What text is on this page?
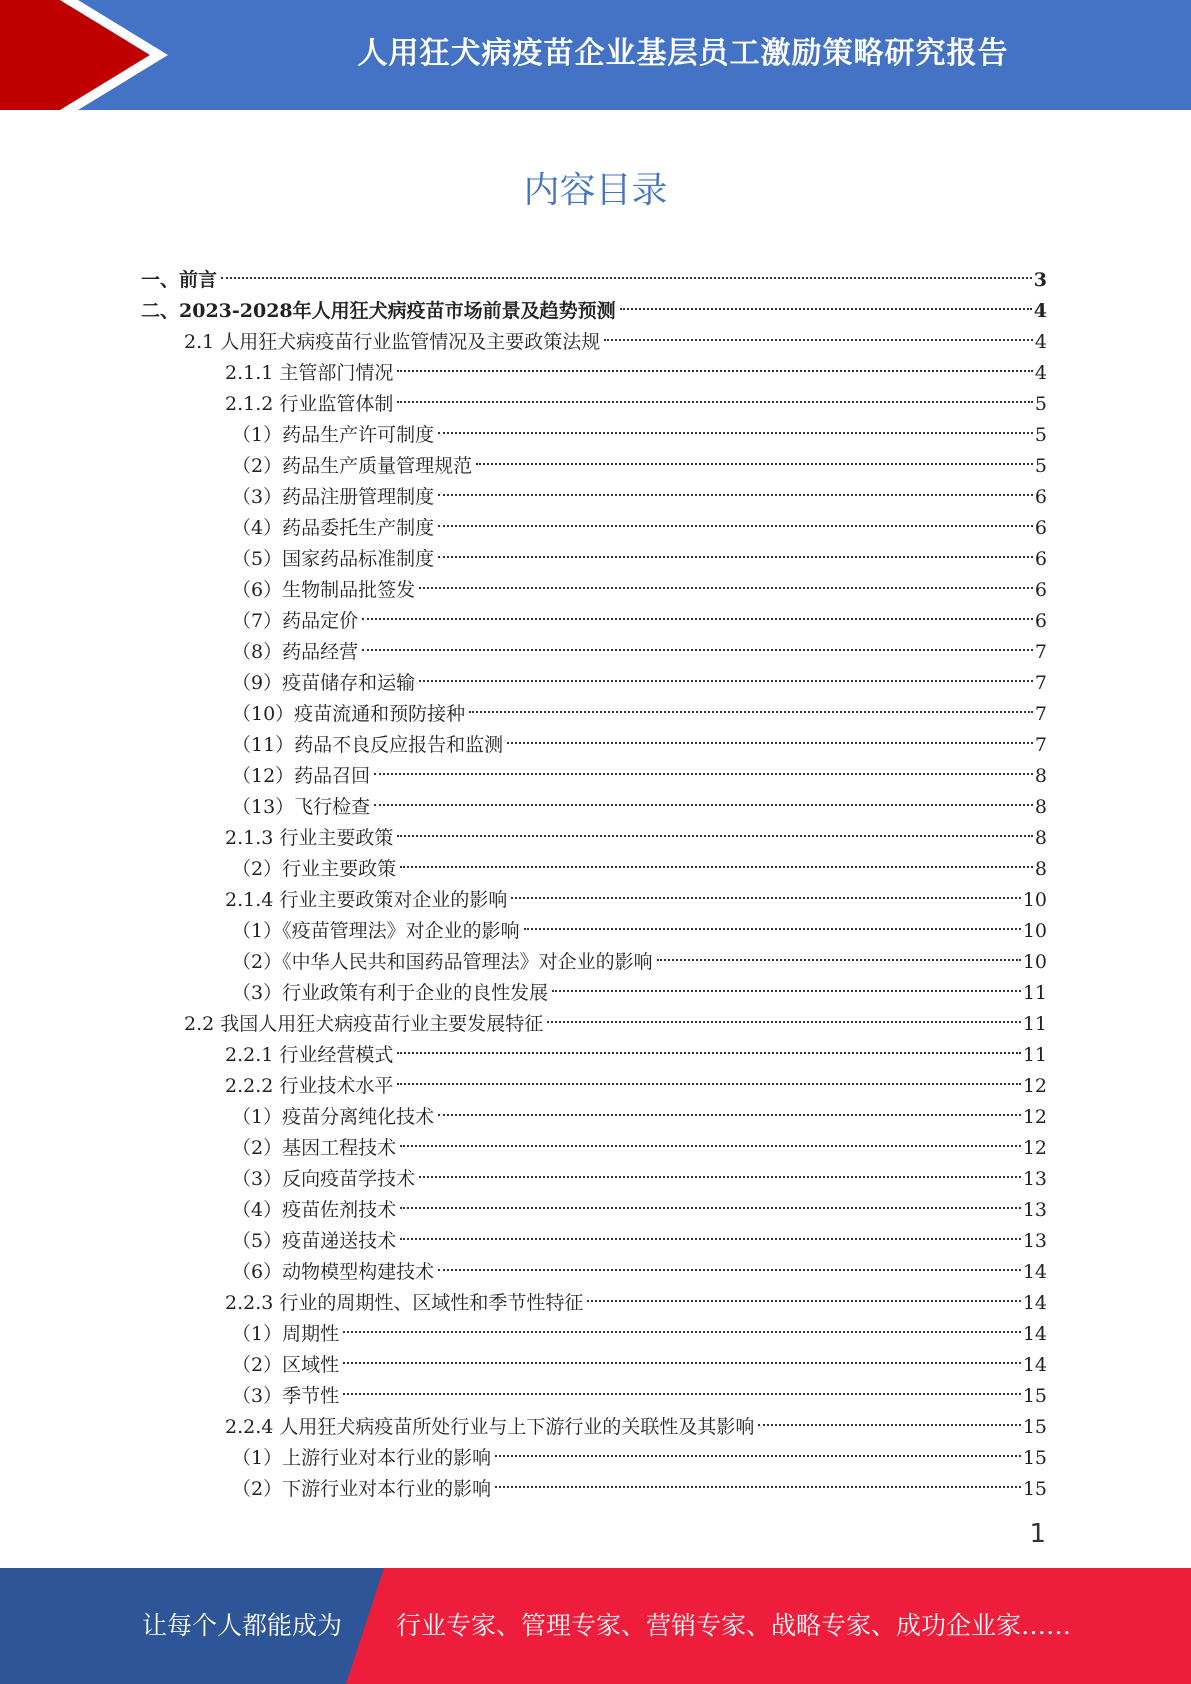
人用狂犬病疫苗企业基层员工激励策略研究报告
内容目录
一、前言	3
二、2023-2028年人用狂犬病疫苗市场前景及趋势预测	4
2.1 人用狂犬病疫苗行业监管情况及主要政策法规	4
2.1.1 主管部门情况	4
2.1.2 行业监管体制	5
（1）药品生产许可制度	5
（2）药品生产质量管理规范	5
（3）药品注册管理制度	6
（4）药品委托生产制度	6
（5）国家药品标准制度	6
（6）生物制品批签发	6
（7）药品定价	6
（8）药品经营	7
（9）疫苗储存和运输	7
（10）疫苗流通和预防接种	7
（11）药品不良反应报告和监测	7
（12）药品召回	8
（13）飞行检查	8
2.1.3 行业主要政策	8
（2）行业主要政策	8
2.1.4 行业主要政策对企业的影响	10
（1）《疫苗管理法》对企业的影响	10
（2）《中华人民共和国药品管理法》对企业的影响	10
（3）行业政策有利于企业的良性发展	11
2.2 我国人用狂犬病疫苗行业主要发展特征	11
2.2.1 行业经营模式	11
2.2.2 行业技术水平	12
（1）疫苗分离纯化技术	12
（2）基因工程技术	12
（3）反向疫苗学技术	13
（4）疫苗佐剂技术	13
（5）疫苗递送技术	13
（6）动物模型构建技术	14
2.2.3 行业的周期性、区域性和季节性特征	14
（1）周期性	14
（2）区域性	14
（3）季节性	15
2.2.4 人用狂犬病疫苗所处行业与上下游行业的关联性及其影响	15
（1）上游行业对本行业的影响	15
（2）下游行业对本行业的影响	15
1
让每个人都能成为 行业专家、管理专家、营销专家、战略专家、成功企业家……
